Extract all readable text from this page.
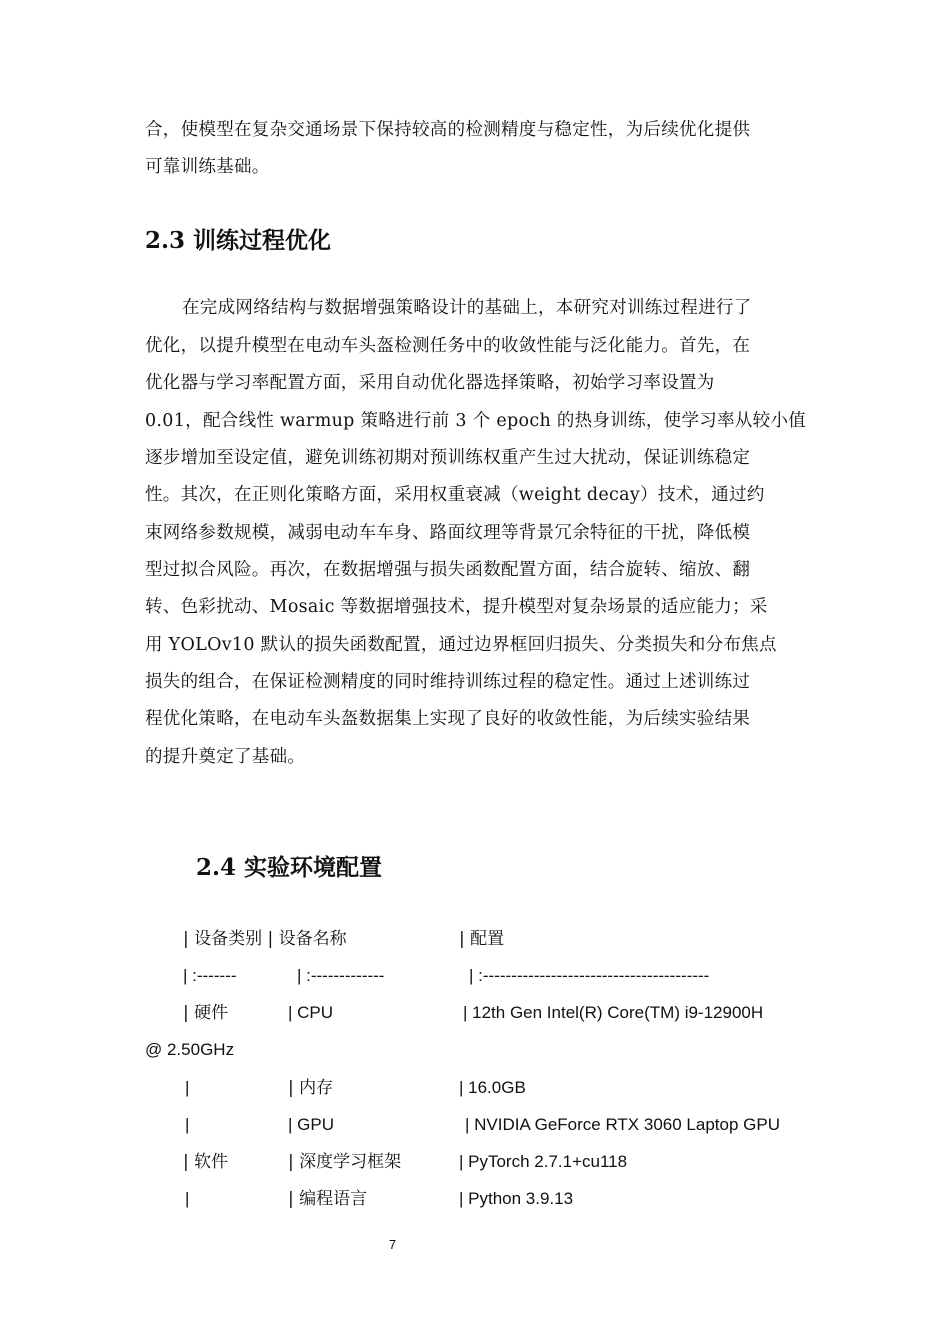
合，使模型在复杂交通场景下保持较高的检测精度与稳定性，为后续优化提供
可靠训练基础。
2.3 训练过程优化
在完成网络结构与数据增强策略设计的基础上，本研究对训练过程进行了
优化，以提升模型在电动车头盔检测任务中的收敛性能与泛化能力。首先，在
优化器与学习率配置方面，采用自动优化器选择策略，初始学习率设置为
0.01，配合线性 warmup 策略进行前 3 个 epoch 的热身训练，使学习率从较小值
逐步增加至设定值，避免训练初期对预训练权重产生过大扰动，保证训练稳定
性。其次，在正则化策略方面，采用权重衰减（weight decay）技术，通过约
束网络参数规模，减弱电动车车身、路面纹理等背景冗余特征的干扰，降低模
型过拟合风险。再次，在数据增强与损失函数配置方面，结合旋转、缩放、翻
转、色彩扰动、Mosaic 等数据增强技术，提升模型对复杂场景的适应能力；采
用 YOLOv10 默认的损失函数配置，通过边界框回归损失、分类损失和分布焦点
损失的组合，在保证检测精度的同时维持训练过程的稳定性。通过上述训练过
程优化策略，在电动车头盔数据集上实现了良好的收敛性能，为后续实验结果
的提升奠定了基础。
2.4 实验环境配置
| 设备类别 | 设备名称	| 配置
| :-------	| :-------------	| :----------------------------------------
| 硬件	| CPU	| 12th Gen Intel(R) Core(TM) i9-12900H
@ 2.50GHz
|	| 内存	| 16.0GB
|	| GPU	| NVIDIA GeForce RTX 3060 Laptop GPU
| 软件	| 深度学习框架	| PyTorch 2.7.1+cu118
|	| 编程语言	| Python 3.9.13
7
